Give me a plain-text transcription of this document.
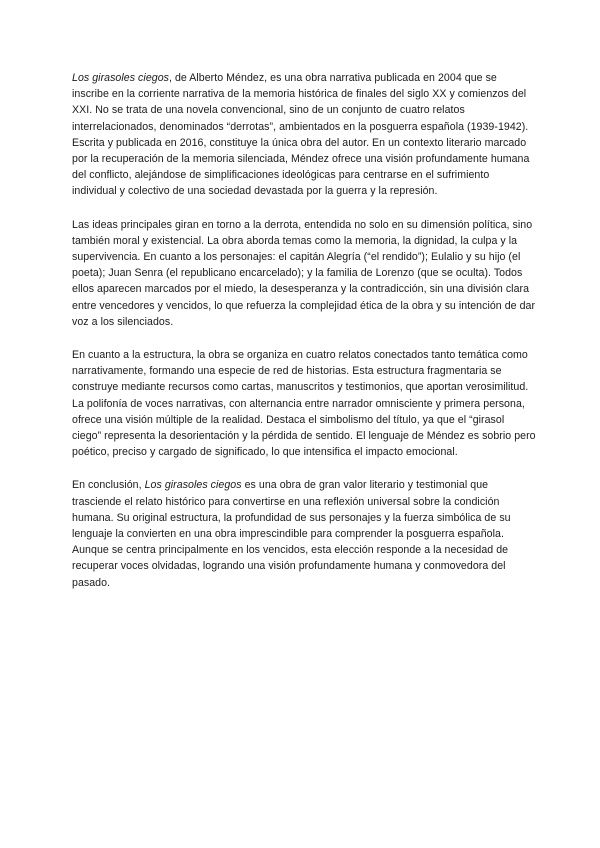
Los girasoles ciegos, de Alberto Méndez, es una obra narrativa publicada en 2004 que se inscribe en la corriente narrativa de la memoria histórica de finales del siglo XX y comienzos del XXI. No se trata de una novela convencional, sino de un conjunto de cuatro relatos interrelacionados, denominados “derrotas”, ambientados en la posguerra española (1939-1942). Escrita y publicada en 2016, constituye la única obra del autor. En un contexto literario marcado por la recuperación de la memoria silenciada, Méndez ofrece una visión profundamente humana del conflicto, alejándose de simplificaciones ideológicas para centrarse en el sufrimiento individual y colectivo de una sociedad devastada por la guerra y la represión.

Las ideas principales giran en torno a la derrota, entendida no solo en su dimensión política, sino también moral y existencial. La obra aborda temas como la memoria, la dignidad, la culpa y la supervivencia. En cuanto a los personajes: el capitán Alegría (“el rendido”); Eulalio y su hijo (el poeta); Juan Senra (el republicano encarcelado); y la familia de Lorenzo (que se oculta). Todos ellos aparecen marcados por el miedo, la desesperanza y la contradicción, sin una división clara entre vencedores y vencidos, lo que refuerza la complejidad ética de la obra y su intención de dar voz a los silenciados.

En cuanto a la estructura, la obra se organiza en cuatro relatos conectados tanto temática como narrativamente, formando una especie de red de historias. Esta estructura fragmentaria se construye mediante recursos como cartas, manuscritos y testimonios, que aportan verosimilitud. La polifonía de voces narrativas, con alternancia entre narrador omnisciente y primera persona, ofrece una visión múltiple de la realidad. Destaca el simbolismo del título, ya que el “girasol ciego” representa la desorientación y la pérdida de sentido. El lenguaje de Méndez es sobrio pero poético, preciso y cargado de significado, lo que intensifica el impacto emocional.

En conclusión, Los girasoles ciegos es una obra de gran valor literario y testimonial que trasciende el relato histórico para convertirse en una reflexión universal sobre la condición humana. Su original estructura, la profundidad de sus personajes y la fuerza simbólica de su lenguaje la convierten en una obra imprescindible para comprender la posguerra española. Aunque se centra principalmente en los vencidos, esta elección responde a la necesidad de recuperar voces olvidadas, logrando una visión profundamente humana y conmovedora del pasado.
